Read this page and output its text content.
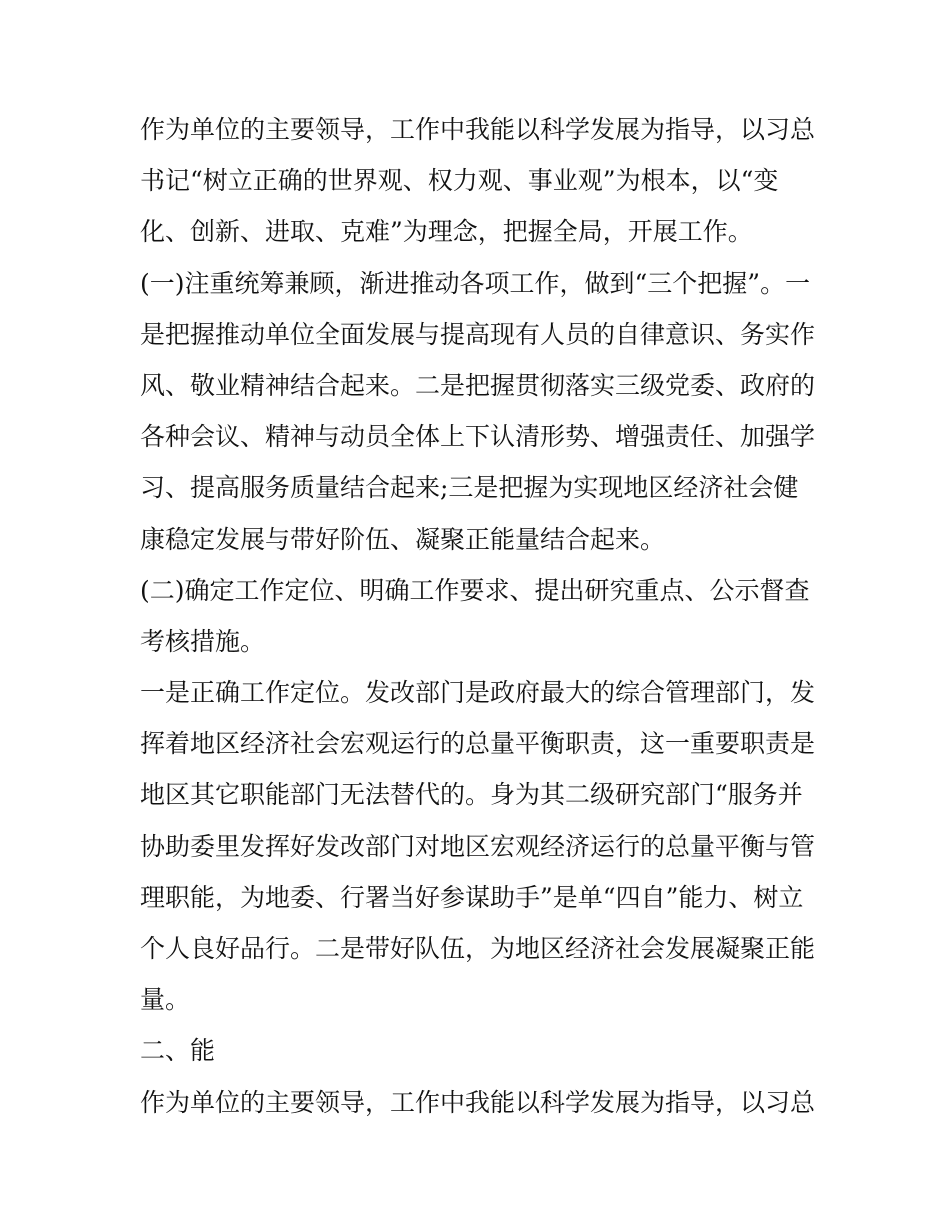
作为单位的主要领导，工作中我能以科学发展为指导，以习总
书记“树立正确的世界观、权力观、事业观”为根本，以“变
化、创新、进取、克难”为理念，把握全局，开展工作。
(一)注重统筹兼顾，渐进推动各项工作，做到“三个把握”。一
是把握推动单位全面发展与提高现有人员的自律意识、务实作
风、敬业精神结合起来。二是把握贯彻落实三级党委、政府的
各种会议、精神与动员全体上下认清形势、增强责任、加强学
习、提高服务质量结合起来;三是把握为实现地区经济社会健
康稳定发展与带好阶伍、凝聚正能量结合起来。
(二)确定工作定位、明确工作要求、提出研究重点、公示督查
考核措施。
一是正确工作定位。发改部门是政府最大的综合管理部门，发
挥着地区经济社会宏观运行的总量平衡职责，这一重要职责是
地区其它职能部门无法替代的。身为其二级研究部门“服务并
协助委里发挥好发改部门对地区宏观经济运行的总量平衡与管
理职能，为地委、行署当好参谋助手”是单“四自”能力、树立
个人良好品行。二是带好队伍，为地区经济社会发展凝聚正能
量。
二、能
作为单位的主要领导，工作中我能以科学发展为指导，以习总
